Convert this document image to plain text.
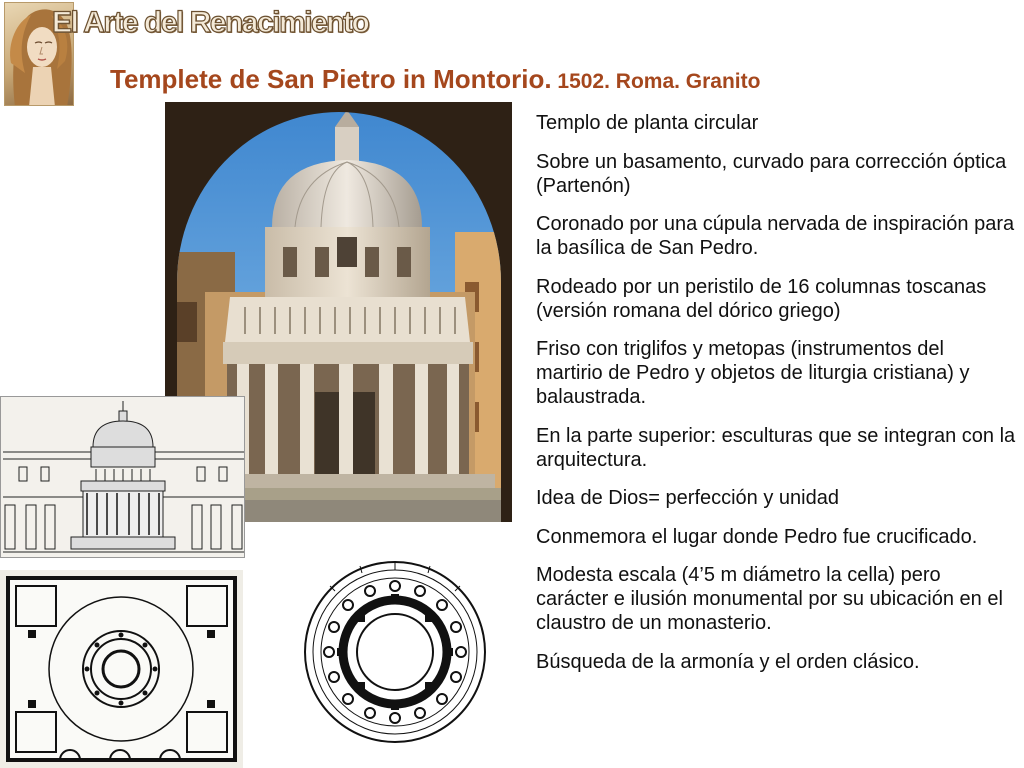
El Arte del Renacimiento
Templete de San Pietro in Montorio. 1502. Roma. Granito
Templo de planta circular
Sobre un basamento, curvado para corrección óptica (Partenón)
Coronado por una cúpula nervada de inspiración para la basílica de San Pedro.
Rodeado por un peristilo de 16 columnas toscanas (versión romana del dórico griego)
Friso con triglifos y metopas (instrumentos del martirio de Pedro y objetos de liturgia cristiana) y balaustrada.
En la parte superior: esculturas que se integran con la arquitectura.
Idea de Dios= perfección y unidad
Conmemora el lugar donde Pedro fue crucificado.
Modesta escala (4’5 m diámetro la cella) pero carácter e ilusión monumental por su ubicación en el claustro de un monasterio.
Búsqueda de la armonía y el orden clásico.
